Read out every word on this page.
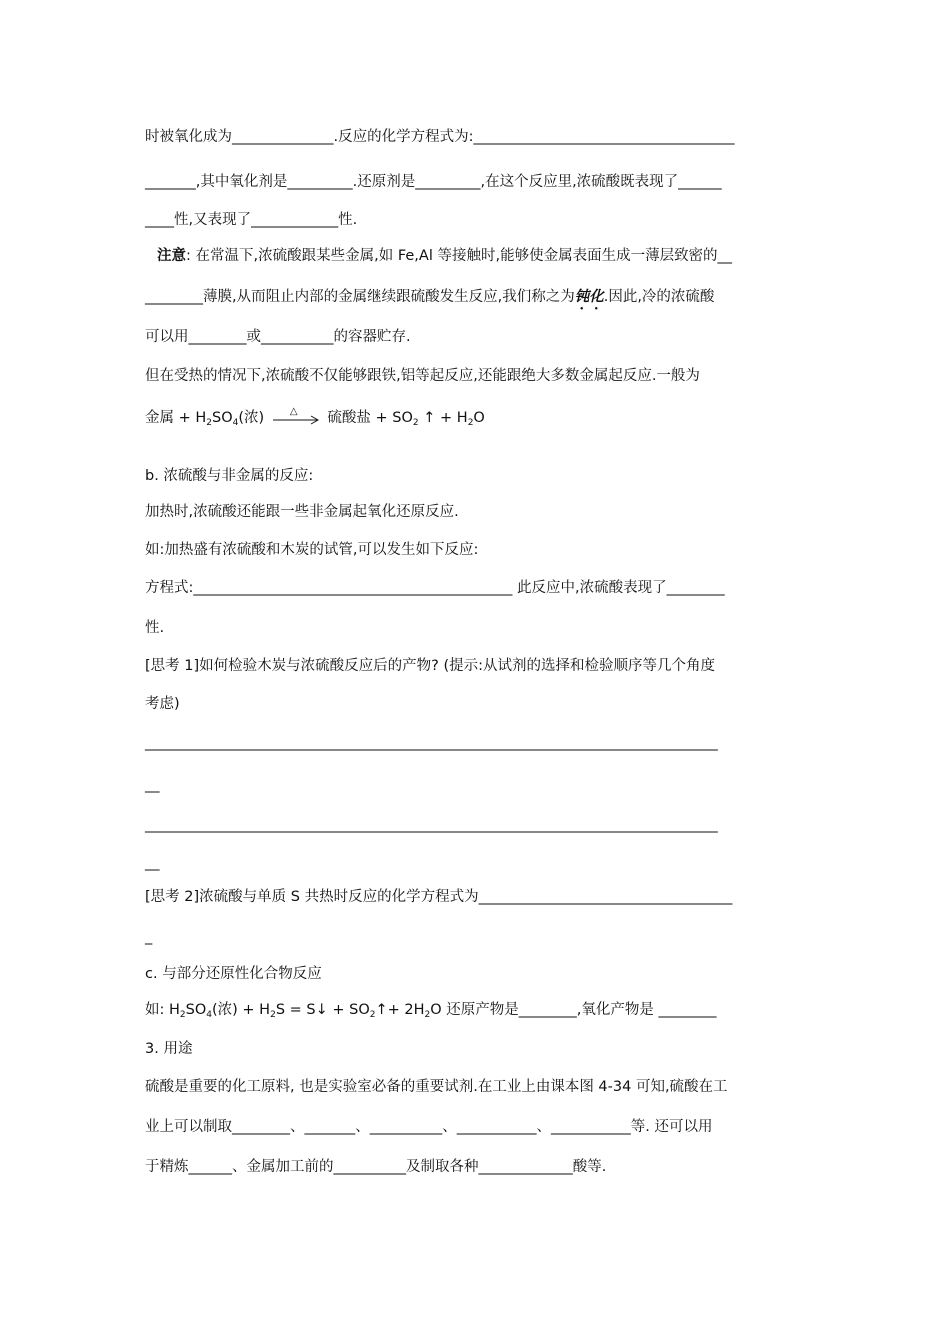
时被氧化成为______________.反应的化学方程式为:____________________________________
_______,其中氧化剂是_________.还原剂是_________,在这个反应里,浓硫酸既表现了______
____性,又表现了____________性.
注意: 在常温下,浓硫酸跟某些金属,如 Fe,Al 等接触时,能够使金属表面生成一薄层致密的__
________薄膜,从而阻止内部的金属继续跟硫酸发生反应,我们称之为钝化.因此,冷的浓硫酸
可以用________或__________的容器贮存.
但在受热的情况下,浓硫酸不仅能够跟铁,铝等起反应,还能跟绝大多数金属起反应.一般为
金属 + $H_2SO_4$(浓)	△ 硫酸盐 + $SO_2$ ↑ + $H_2O$
b. 浓硫酸与非金属的反应:
加热时,浓硫酸还能跟一些非金属起氧化还原反应.
如:加热盛有浓硫酸和木炭的试管,可以发生如下反应:
方程式:____________________________________________ 此反应中,浓硫酸表现了________
性.
[思考 1]如何检验木炭与浓硫酸反应后的产物? (提示:从试剂的选择和检验顺序等几个角度
考虑)
_______________________________________________________________________________
__
_______________________________________________________________________________
__
[思考 2]浓硫酸与单质 S 共热时反应的化学方程式为___________________________________
_
c. 与部分还原性化合物反应
如: $H_2SO_4$(浓) + $H_2S$ = S↓ + $SO_2↑+ 2H_2O$ 还原产物是________,氧化产物是 ________
3. 用途
硫酸是重要的化工原料, 也是实验室必备的重要试剂.在工业上由课本图 4-34 可知,硫酸在工
业上可以制取________、_______、__________、___________、___________等. 还可以用
于精炼______、金属加工前的__________及制取各种_____________酸等.
